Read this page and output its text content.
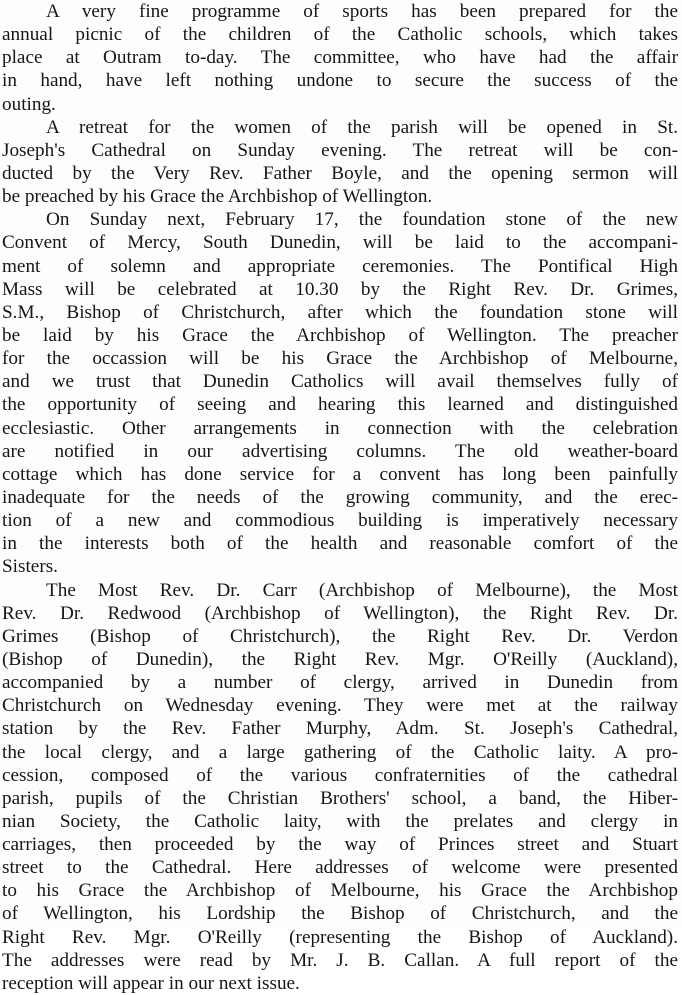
A very fine programme of sports has been prepared for the
annual picnic of the children of the Catholic schools, which takes
place at Outram to-day. The committee, who have had the affair
in hand, have left nothing undone to secure the success of the
outing.
A retreat for the women of the parish will be opened in St.
Joseph's Cathedral on Sunday evening. The retreat will be con-
ducted by the Very Rev. Father Boyle, and the opening sermon will
be preached by his Grace the Archbishop of Wellington.
On Sunday next, February 17, the foundation stone of the new
Convent of Mercy, South Dunedin, will be laid to the accompani-
ment of solemn and appropriate ceremonies. The Pontifical High
Mass will be celebrated at 10.30 by the Right Rev. Dr. Grimes,
S.M., Bishop of Christchurch, after which the foundation stone will
be laid by his Grace the Archbishop of Wellington. The preacher
for the occassion will be his Grace the Archbishop of Melbourne,
and we trust that Dunedin Catholics will avail themselves fully of
the opportunity of seeing and hearing this learned and distinguished
ecclesiastic. Other arrangements in connection with the celebration
are notified in our advertising columns. The old weather-board
cottage which has done service for a convent has long been painfully
inadequate for the needs of the growing community, and the erec-
tion of a new and commodious building is imperatively necessary
in the interests both of the health and reasonable comfort of the
Sisters.
The Most Rev. Dr. Carr (Archbishop of Melbourne), the Most
Rev. Dr. Redwood (Archbishop of Wellington), the Right Rev. Dr.
Grimes (Bishop of Christchurch), the Right Rev. Dr. Verdon
(Bishop of Dunedin), the Right Rev. Mgr. O'Reilly (Auckland),
accompanied by a number of clergy, arrived in Dunedin from
Christchurch on Wednesday evening. They were met at the railway
station by the Rev. Father Murphy, Adm. St. Joseph's Cathedral,
the local clergy, and a large gathering of the Catholic laity. A pro-
cession, composed of the various confraternities of the cathedral
parish, pupils of the Christian Brothers' school, a band, the Hiber-
nian Society, the Catholic laity, with the prelates and clergy in
carriages, then proceeded by the way of Princes street and Stuart
street to the Cathedral. Here addresses of welcome were presented
to his Grace the Archbishop of Melbourne, his Grace the Archbishop
of Wellington, his Lordship the Bishop of Christchurch, and the
Right Rev. Mgr. O'Reilly (representing the Bishop of Auckland).
The addresses were read by Mr. J. B. Callan. A full report of the
reception will appear in our next issue.
